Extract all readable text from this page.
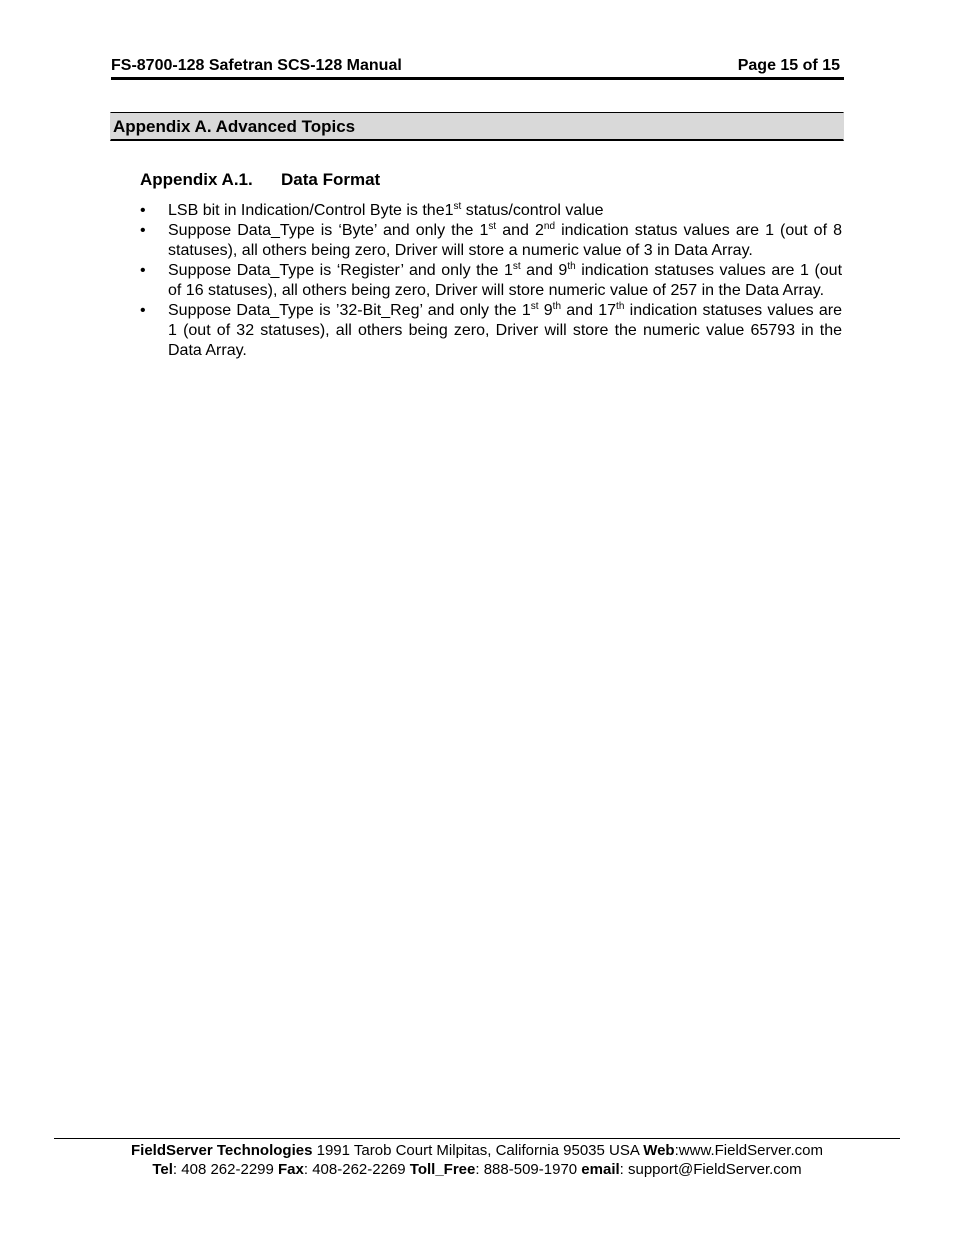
FS-8700-128 Safetran SCS-128 Manual	Page 15 of 15
Appendix A. Advanced Topics
Appendix A.1. Data Format
• LSB bit in Indication/Control Byte is the1st status/control value
• Suppose Data_Type is ‘Byte’ and only the 1st and 2nd indication status values are 1 (out of 8 statuses), all others being zero, Driver will store a numeric value of 3 in Data Array.
• Suppose Data_Type is ‘Register’ and only the 1st and 9th indication statuses values are 1 (out of 16 statuses), all others being zero, Driver will store numeric value of 257 in the Data Array.
• Suppose Data_Type is ’32-Bit_Reg’ and only the 1st 9th and 17th indication statuses values are 1 (out of 32 statuses), all others being zero, Driver will store the numeric value 65793 in the Data Array.
FieldServer Technologies 1991 Tarob Court Milpitas, California 95035 USA Web:www.FieldServer.com
Tel: 408 262-2299 Fax: 408-262-2269 Toll_Free: 888-509-1970 email: support@FieldServer.com
